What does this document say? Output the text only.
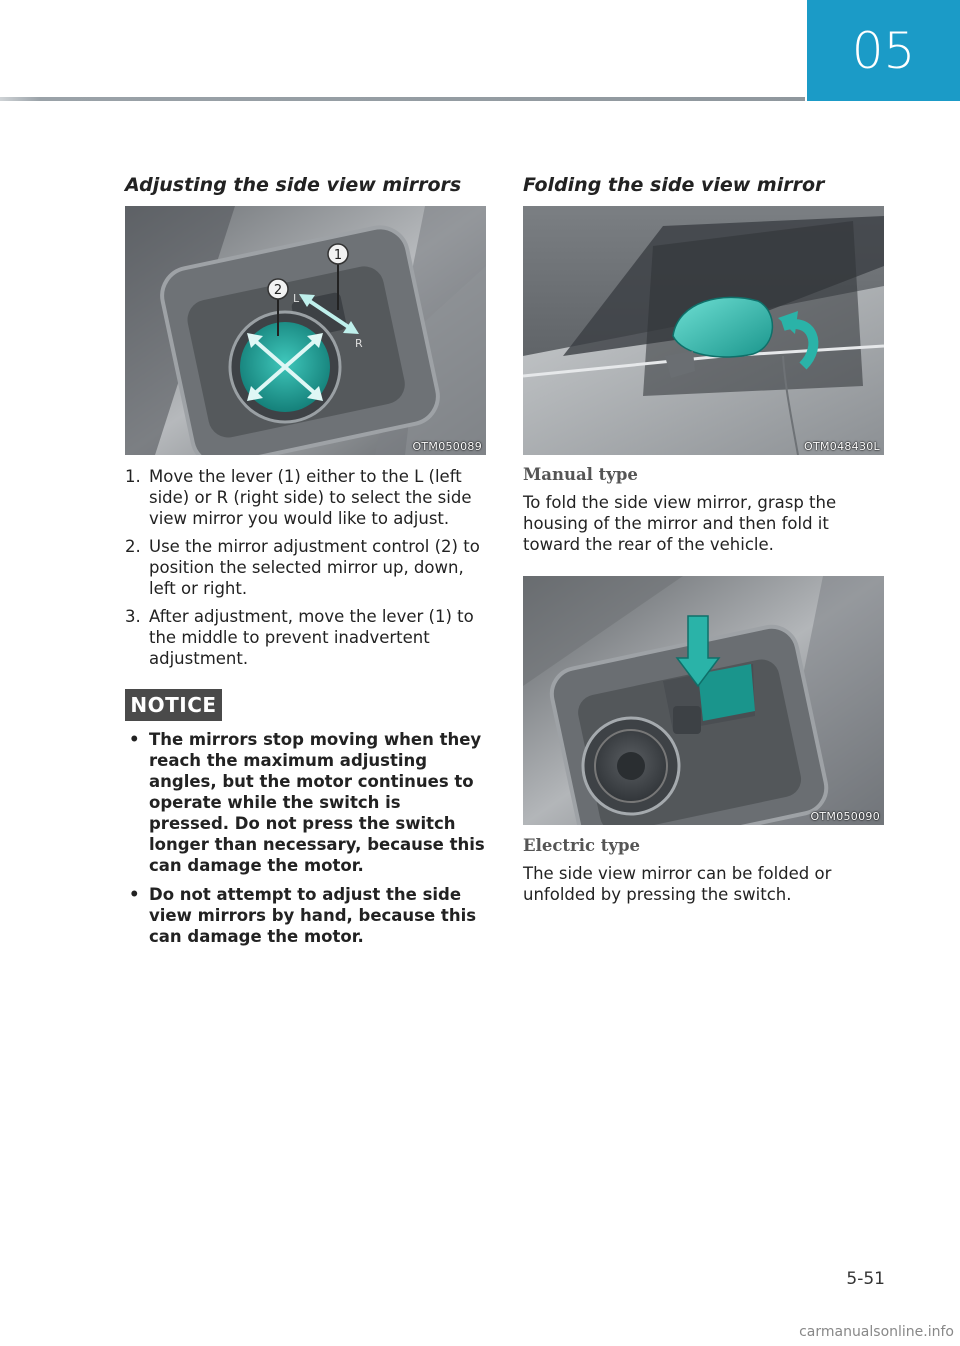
05
Adjusting the side view mirrors
1
2
L
R
OTM050089
1. Move the lever (1) either to the L (left side) or R (right side) to select the side view mirror you would like to adjust.
2. Use the mirror adjustment control (2) to position the selected mirror up, down, left or right.
3. After adjustment, move the lever (1) to the middle to prevent inadvertent adjustment.
NOTICE
• The mirrors stop moving when they reach the maximum adjusting angles, but the motor continues to operate while the switch is pressed. Do not press the switch longer than necessary, because this can damage the motor.
• Do not attempt to adjust the side view mirrors by hand, because this can damage the motor.
Folding the side view mirror
OTM048430L
Manual type

To fold the side view mirror, grasp the housing of the mirror and then fold it toward the rear of the vehicle.

OTM050090
Electric type

The side view mirror can be folded or unfolded by pressing the switch.

5-51
carmanualsonline.info
